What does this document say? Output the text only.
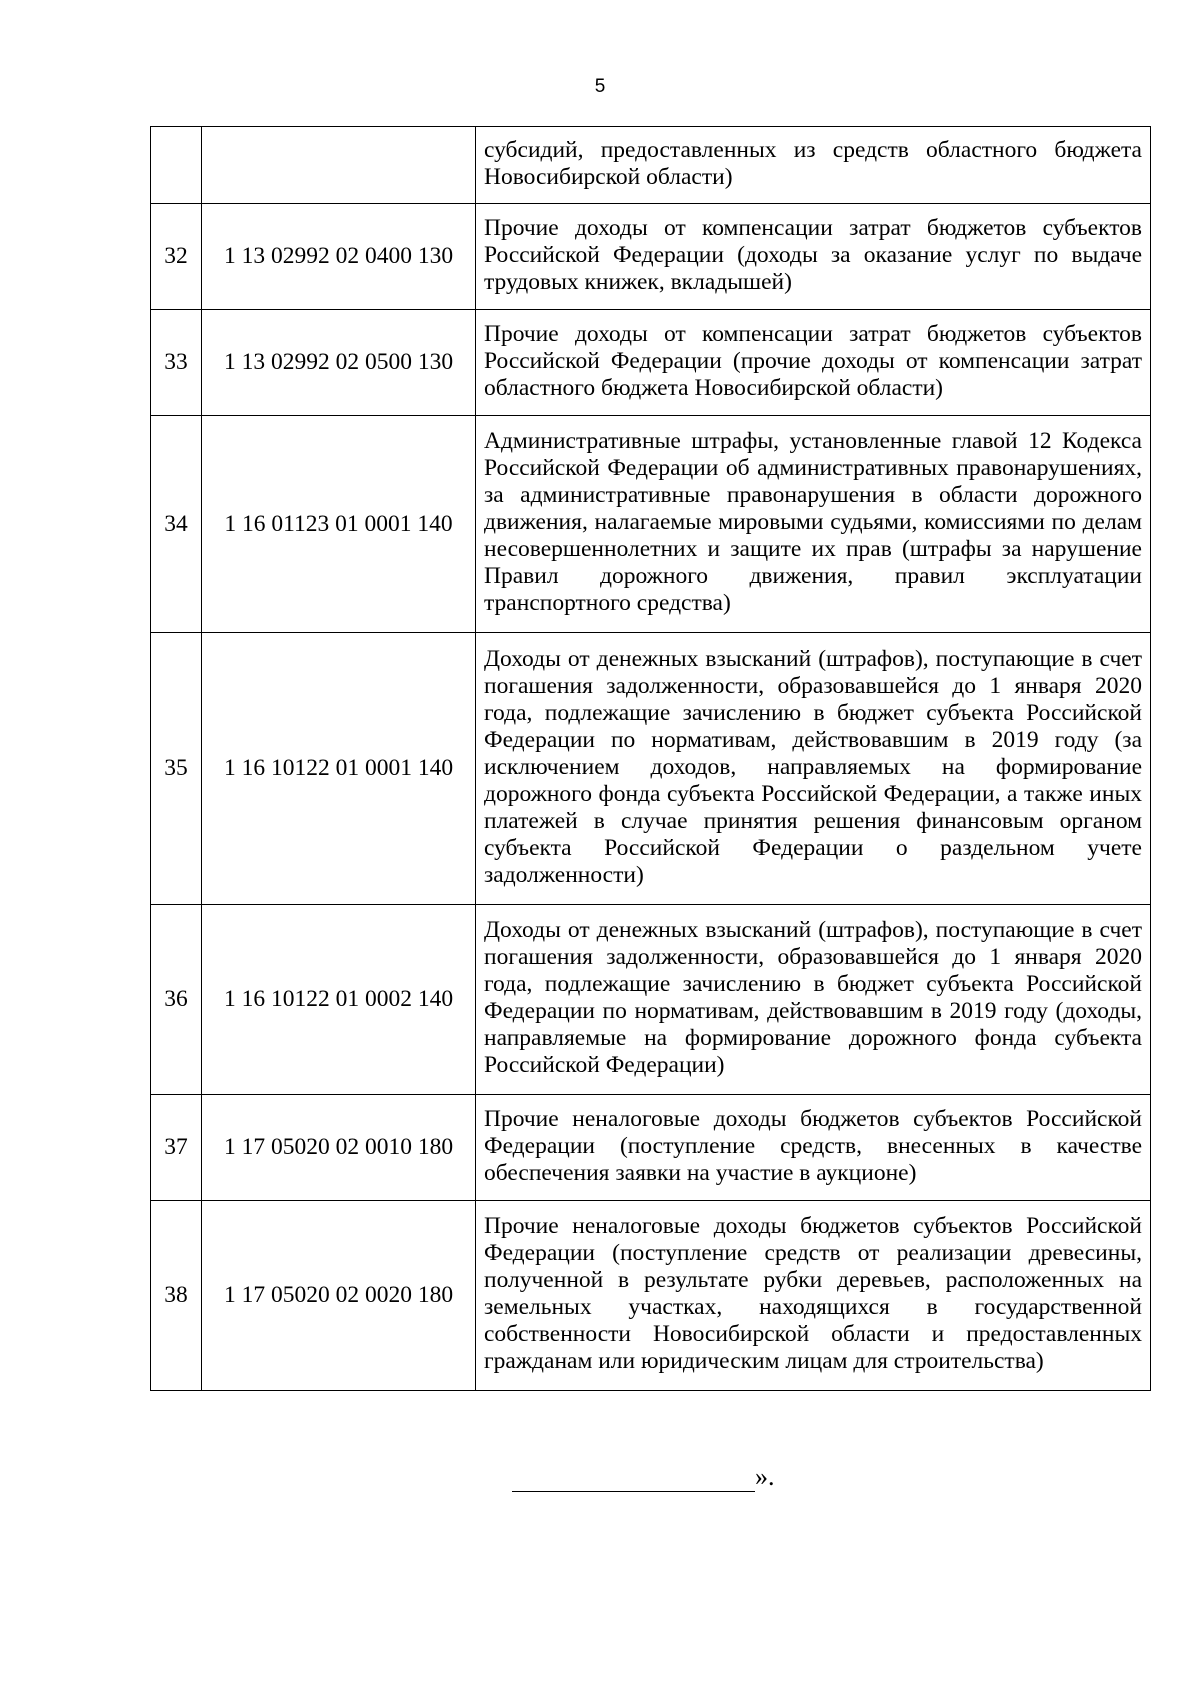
5
		субсидий, предоставленных из средств областного бюджета Новосибирской области)
32	1 13 02992 02 0400 130	Прочие доходы от компенсации затрат бюджетов субъектов Российской Федерации (доходы за оказание услуг по выдаче трудовых книжек, вкладышей)
33	1 13 02992 02 0500 130	Прочие доходы от компенсации затрат бюджетов субъектов Российской Федерации (прочие доходы от компенсации затрат областного бюджета Новосибирской области)
34	1 16 01123 01 0001 140	Административные штрафы, установленные главой 12 Кодекса Российской Федерации об административных правонарушениях, за административные правонарушения в области дорожного движения, налагаемые мировыми судьями, комиссиями по делам несовершеннолетних и защите их прав (штрафы за нарушение Правил дорожного движения, правил эксплуатации транспортного средства)
35	1 16 10122 01 0001 140	Доходы от денежных взысканий (штрафов), поступающие в счет погашения задолженности, образовавшейся до 1 января 2020 года, подлежащие зачислению в бюджет субъекта Российской Федерации по нормативам, действовавшим в 2019 году (за исключением доходов, направляемых на формирование дорожного фонда субъекта Российской Федерации, а также иных платежей в случае принятия решения финансовым органом субъекта Российской Федерации о раздельном учете задолженности)
36	1 16 10122 01 0002 140	Доходы от денежных взысканий (штрафов), поступающие в счет погашения задолженности, образовавшейся до 1 января 2020 года, подлежащие зачислению в бюджет субъекта Российской Федерации по нормативам, действовавшим в 2019 году (доходы, направляемые на формирование дорожного фонда субъекта Российской Федерации)
37	1 17 05020 02 0010 180	Прочие неналоговые доходы бюджетов субъектов Российской Федерации (поступление средств, внесенных в качестве обеспечения заявки на участие в аукционе)
38	1 17 05020 02 0020 180	Прочие неналоговые доходы бюджетов субъектов Российской Федерации (поступление средств от реализации древесины, полученной в результате рубки деревьев, расположенных на земельных участках, находящихся в государственной собственности Новосибирской области и предоставленных гражданам или юридическим лицам для строительства)
».
